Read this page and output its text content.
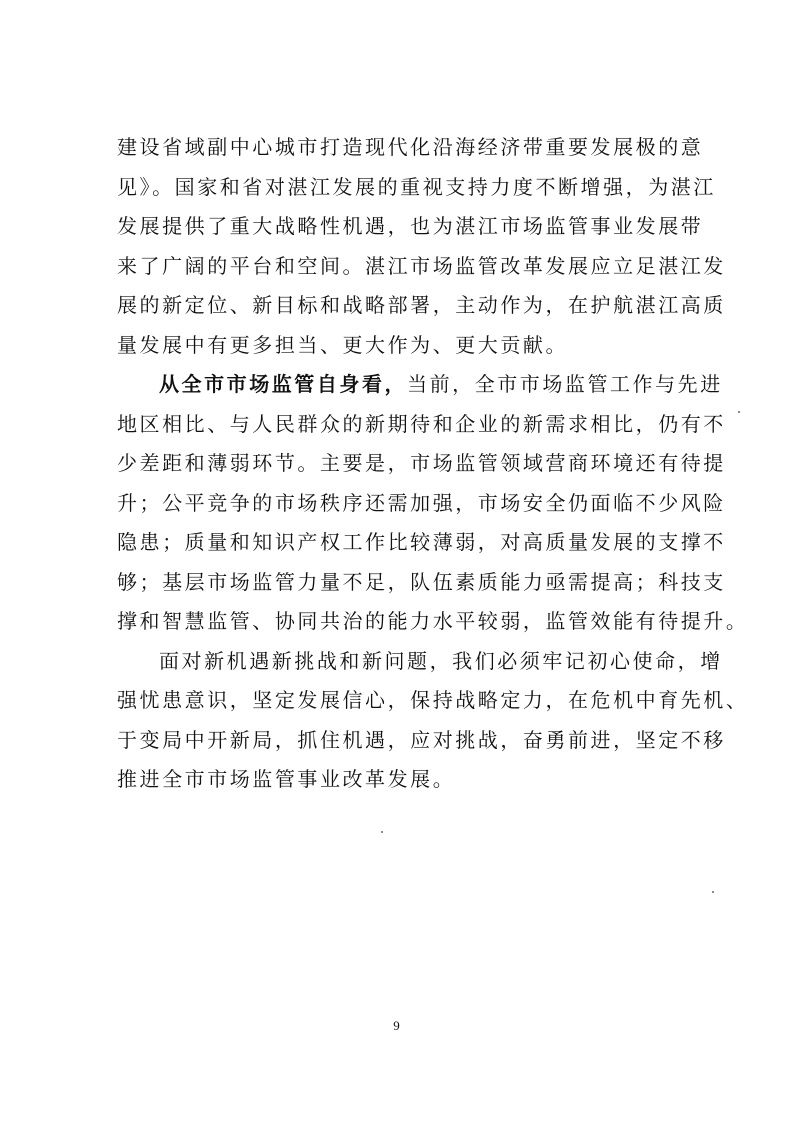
建设省域副中心城市打造现代化沿海经济带重要发展极的意
见》。国家和省对湛江发展的重视支持力度不断增强，为湛江
发展提供了重大战略性机遇，也为湛江市场监管事业发展带
来了广阔的平台和空间。湛江市场监管改革发展应立足湛江发
展的新定位、新目标和战略部署，主动作为，在护航湛江高质
量发展中有更多担当、更大作为、更大贡献。
从全市市场监管自身看，当前，全市市场监管工作与先进
地区相比、与人民群众的新期待和企业的新需求相比，仍有不
少差距和薄弱环节。主要是，市场监管领域营商环境还有待提
升；公平竞争的市场秩序还需加强，市场安全仍面临不少风险
隐患；质量和知识产权工作比较薄弱，对高质量发展的支撑不
够；基层市场监管力量不足，队伍素质能力亟需提高；科技支
撑和智慧监管、协同共治的能力水平较弱，监管效能有待提升。
面对新机遇新挑战和新问题，我们必须牢记初心使命，增
强忧患意识，坚定发展信心，保持战略定力，在危机中育先机、
于变局中开新局，抓住机遇，应对挑战，奋勇前进，坚定不移
推进全市市场监管事业改革发展。
9
